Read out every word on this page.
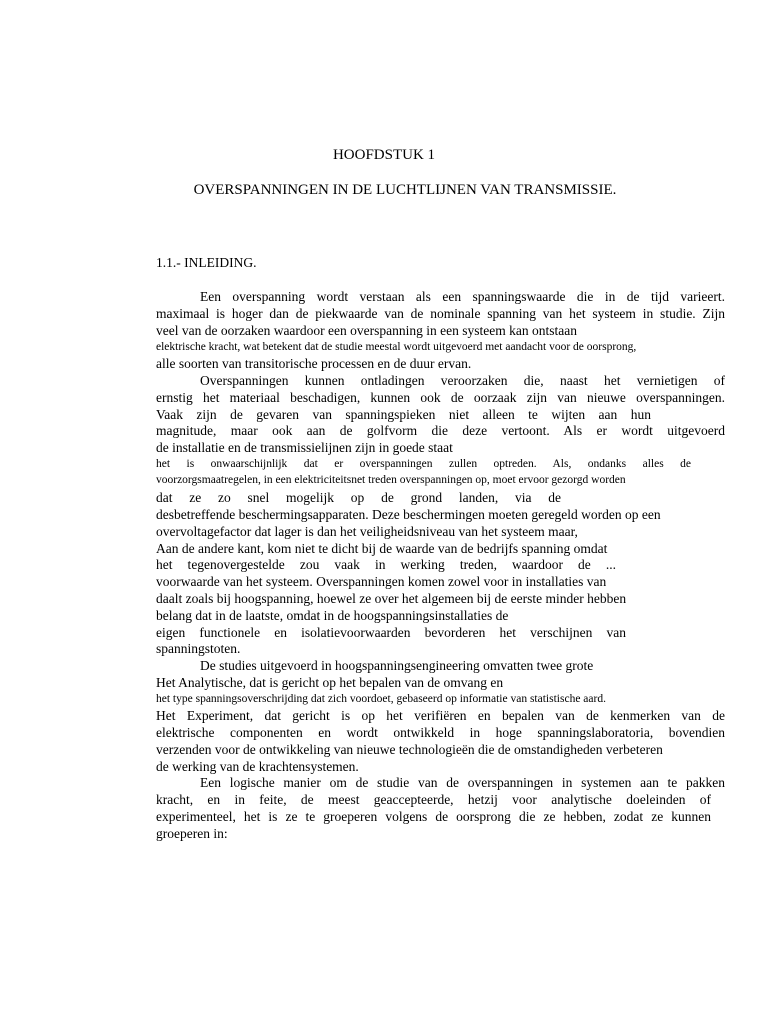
HOOFDSTUK 1
OVERSPANNINGEN IN DE LUCHTLIJNEN VAN TRANSMISSIE.
1.1.- INLEIDING.
Een overspanning wordt verstaan als een spanningswaarde die in de tijd varieert.
maximaal is hoger dan de piekwaarde van de nominale spanning van het systeem in studie. Zijn
veel van de oorzaken waardoor een overspanning in een systeem kan ontstaan
elektrische kracht, wat betekent dat de studie meestal wordt uitgevoerd met aandacht voor de oorsprong,
alle soorten van transitorische processen en de duur ervan.
Overspanningen kunnen ontladingen veroorzaken die, naast het vernietigen of
ernstig het materiaal beschadigen, kunnen ook de oorzaak zijn van nieuwe overspanningen.
Vaak zijn de gevaren van spanningspieken niet alleen te wijten aan hun
magnitude, maar ook aan de golfvorm die deze vertoont. Als er wordt uitgevoerd
de installatie en de transmissielijnen zijn in goede staat
het is onwaarschijnlijk dat er overspanningen zullen optreden. Als, ondanks alles de
voorzorgsmaatregelen, in een elektriciteitsnet treden overspanningen op, moet ervoor gezorgd worden
dat ze zo snel mogelijk op de grond landen, via de
desbetreffende beschermingsapparaten. Deze beschermingen moeten geregeld worden op een
overvoltagefactor dat lager is dan het veiligheidsniveau van het systeem maar,
Aan de andere kant, kom niet te dicht bij de waarde van de bedrijfs spanning omdat
het tegenovergestelde zou vaak in werking treden, waardoor de ...
voorwaarde van het systeem. Overspanningen komen zowel voor in installaties van
daalt zoals bij hoogspanning, hoewel ze over het algemeen bij de eerste minder hebben
belang dat in de laatste, omdat in de hoogspanningsinstallaties de
eigen functionele en isolatievoorwaarden bevorderen het verschijnen van
spanningstoten.
De studies uitgevoerd in hoogspanningsengineering omvatten twee grote
Het Analytische, dat is gericht op het bepalen van de omvang en
het type spanningsoverschrijding dat zich voordoet, gebaseerd op informatie van statistische aard.
Het Experiment, dat gericht is op het verifiëren en bepalen van de kenmerken van de
elektrische componenten en wordt ontwikkeld in hoge spanningslaboratoria, bovendien
verzenden voor de ontwikkeling van nieuwe technologieën die de omstandigheden verbeteren
de werking van de krachtensystemen.
Een logische manier om de studie van de overspanningen in systemen aan te pakken
kracht, en in feite, de meest geaccepteerde, hetzij voor analytische doeleinden of
experimenteel, het is ze te groeperen volgens de oorsprong die ze hebben, zodat ze kunnen
groeperen in:
